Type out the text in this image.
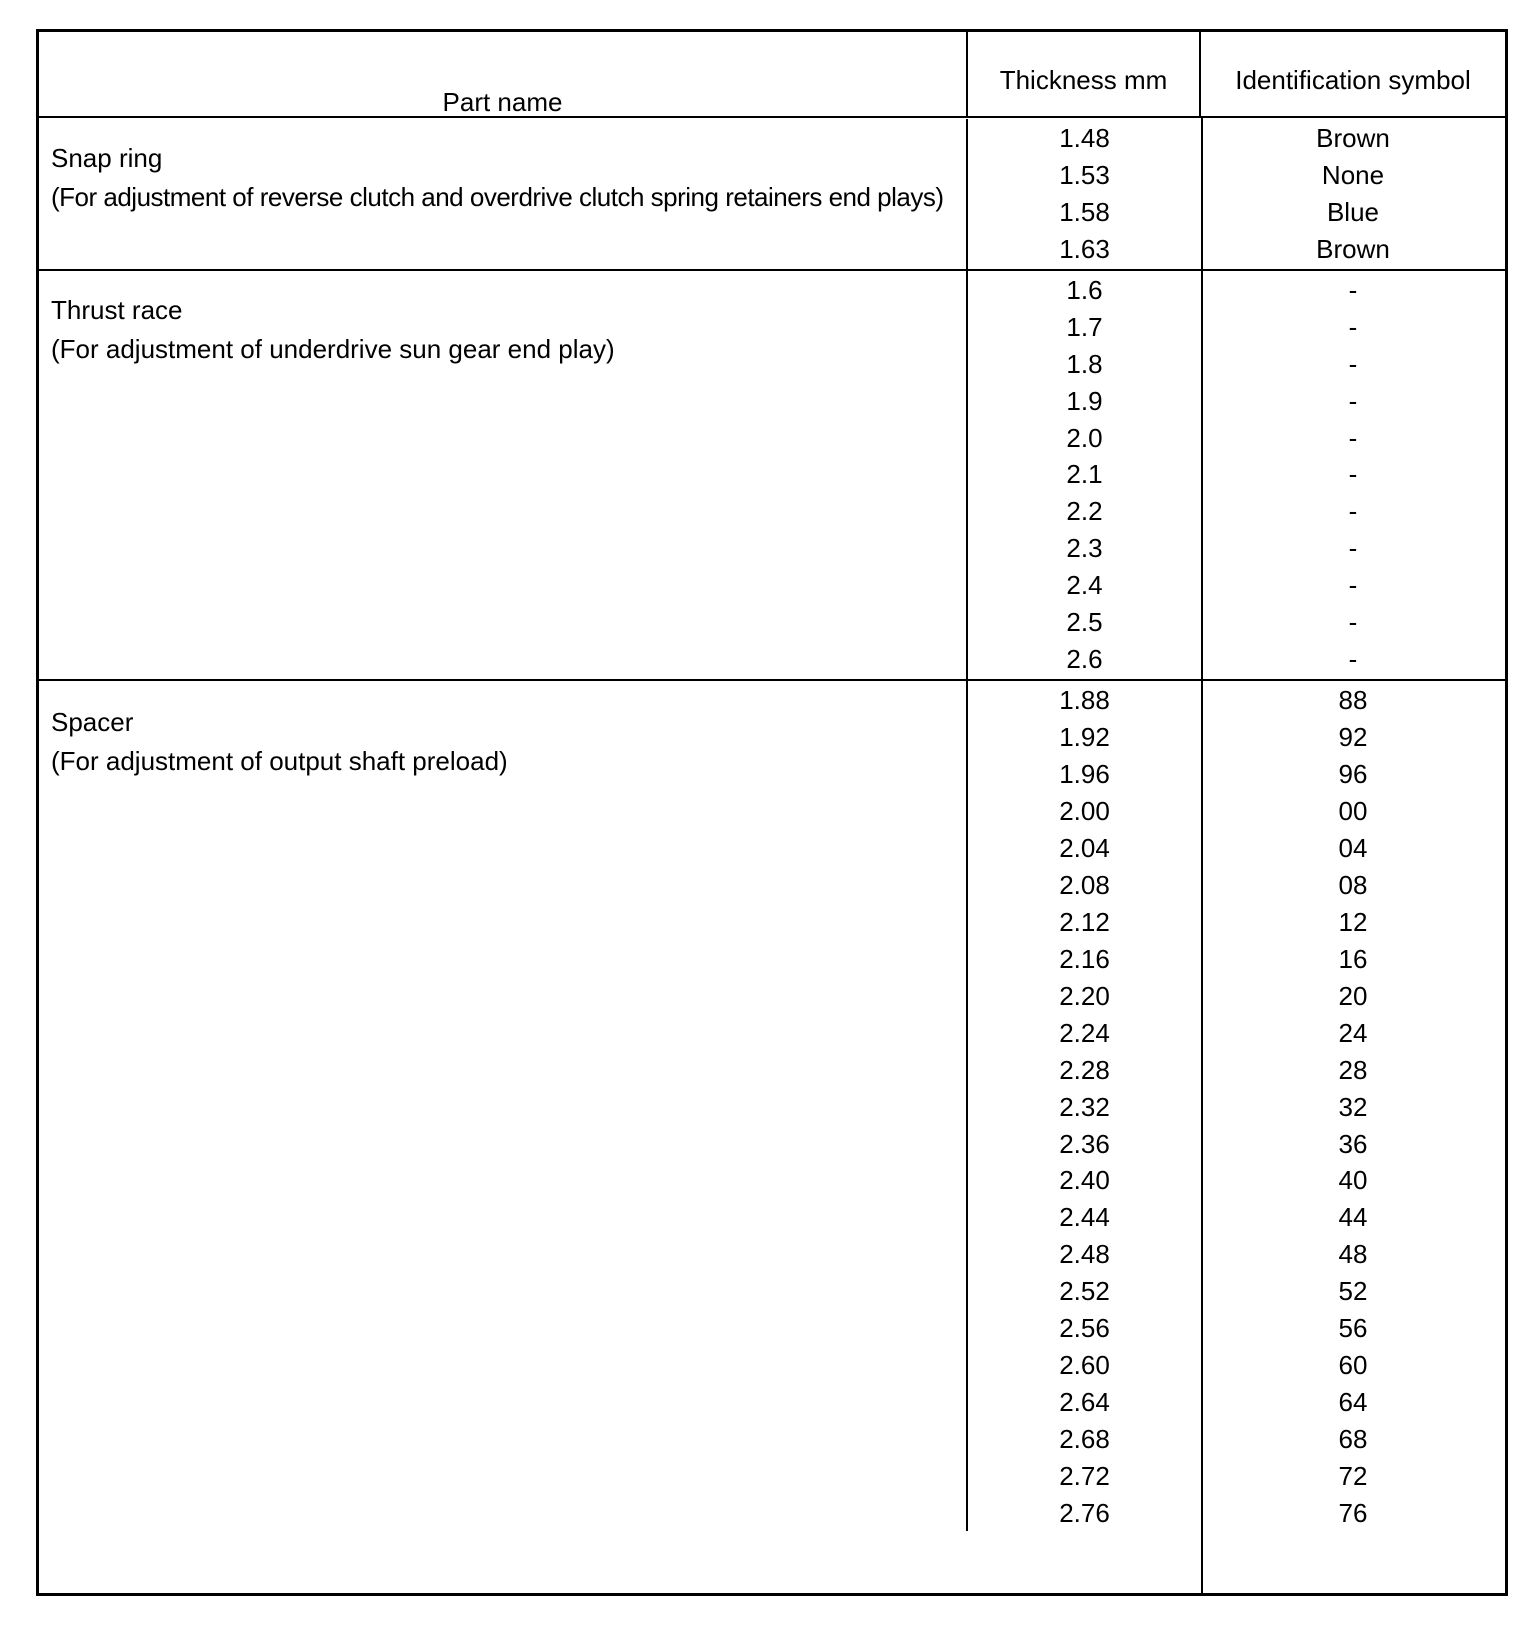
Part name
Thickness mm	Identification symbol
Snap ring
(For adjustment of reverse clutch and overdrive clutch spring retainers end plays)
1.48	Brown
1.53	None
1.58	Blue
1.63	Brown
Thrust race
(For adjustment of underdrive sun gear end play)
1.6	-
1.7	-
1.8	-
1.9	-
2.0	-
2.1	-
2.2	-
2.3	-
2.4	-
2.5	-
2.6	-
Spacer
(For adjustment of output shaft preload)
1.88	88
1.92	92
1.96	96
2.00	00
2.04	04
2.08	08
2.12	12
2.16	16
2.20	20
2.24	24
2.28	28
2.32	32
2.36	36
2.40	40
2.44	44
2.48	48
2.52	52
2.56	56
2.60	60
2.64	64
2.68	68
2.72	72
2.76	76
